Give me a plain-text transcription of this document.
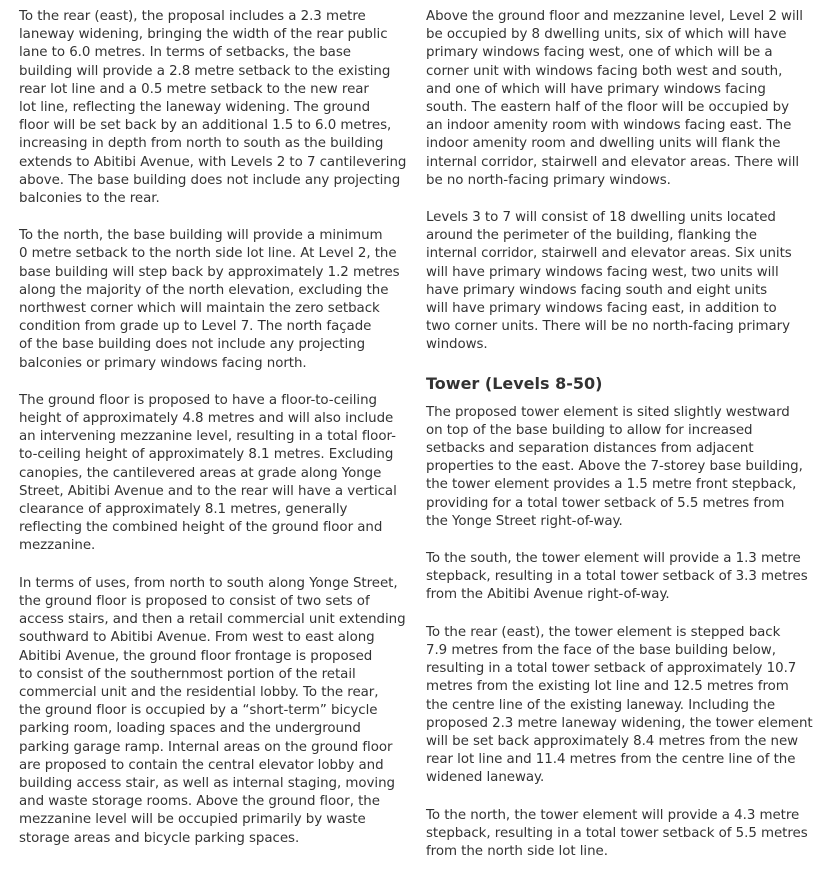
To the rear (east), the proposal includes a 2.3 metre
laneway widening, bringing the width of the rear public
lane to 6.0 metres. In terms of setbacks, the base
building will provide a 2.8 metre setback to the existing
rear lot line and a 0.5 metre setback to the new rear
lot line, reflecting the laneway widening. The ground
floor will be set back by an additional 1.5 to 6.0 metres,
increasing in depth from north to south as the building
extends to Abitibi Avenue, with Levels 2 to 7 cantilevering
above. The base building does not include any projecting
balconies to the rear.

To the north, the base building will provide a minimum
0 metre setback to the north side lot line. At Level 2, the
base building will step back by approximately 1.2 metres
along the majority of the north elevation, excluding the
northwest corner which will maintain the zero setback
condition from grade up to Level 7. The north façade
of the base building does not include any projecting
balconies or primary windows facing north.

The ground floor is proposed to have a floor-to-ceiling
height of approximately 4.8 metres and will also include
an intervening mezzanine level, resulting in a total floor-
to-ceiling height of approximately 8.1 metres. Excluding
canopies, the cantilevered areas at grade along Yonge
Street, Abitibi Avenue and to the rear will have a vertical
clearance of approximately 8.1 metres, generally
reflecting the combined height of the ground floor and
mezzanine.

In terms of uses, from north to south along Yonge Street,
the ground floor is proposed to consist of two sets of
access stairs, and then a retail commercial unit extending
southward to Abitibi Avenue. From west to east along
Abitibi Avenue, the ground floor frontage is proposed
to consist of the southernmost portion of the retail
commercial unit and the residential lobby. To the rear,
the ground floor is occupied by a “short-term” bicycle
parking room, loading spaces and the underground
parking garage ramp. Internal areas on the ground floor
are proposed to contain the central elevator lobby and
building access stair, as well as internal staging, moving
and waste storage rooms. Above the ground floor, the
mezzanine level will be occupied primarily by waste
storage areas and bicycle parking spaces.

Above the ground floor and mezzanine level, Level 2 will
be occupied by 8 dwelling units, six of which will have
primary windows facing west, one of which will be a
corner unit with windows facing both west and south,
and one of which will have primary windows facing
south. The eastern half of the floor will be occupied by
an indoor amenity room with windows facing east. The
indoor amenity room and dwelling units will flank the
internal corridor, stairwell and elevator areas. There will
be no north-facing primary windows.

Levels 3 to 7 will consist of 18 dwelling units located
around the perimeter of the building, flanking the
internal corridor, stairwell and elevator areas. Six units
will have primary windows facing west, two units will
have primary windows facing south and eight units
will have primary windows facing east, in addition to
two corner units. There will be no north-facing primary
windows.

Tower (Levels 8-50)

The proposed tower element is sited slightly westward
on top of the base building to allow for increased
setbacks and separation distances from adjacent
properties to the east. Above the 7-storey base building,
the tower element provides a 1.5 metre front stepback,
providing for a total tower setback of 5.5 metres from
the Yonge Street right-of-way.

To the south, the tower element will provide a 1.3 metre
stepback, resulting in a total tower setback of 3.3 metres
from the Abitibi Avenue right-of-way.

To the rear (east), the tower element is stepped back
7.9 metres from the face of the base building below,
resulting in a total tower setback of approximately 10.7
metres from the existing lot line and 12.5 metres from
the centre line of the existing laneway. Including the
proposed 2.3 metre laneway widening, the tower element
will be set back approximately 8.4 metres from the new
rear lot line and 11.4 metres from the centre line of the
widened laneway.

To the north, the tower element will provide a 4.3 metre
stepback, resulting in a total tower setback of 5.5 metres
from the north side lot line.
